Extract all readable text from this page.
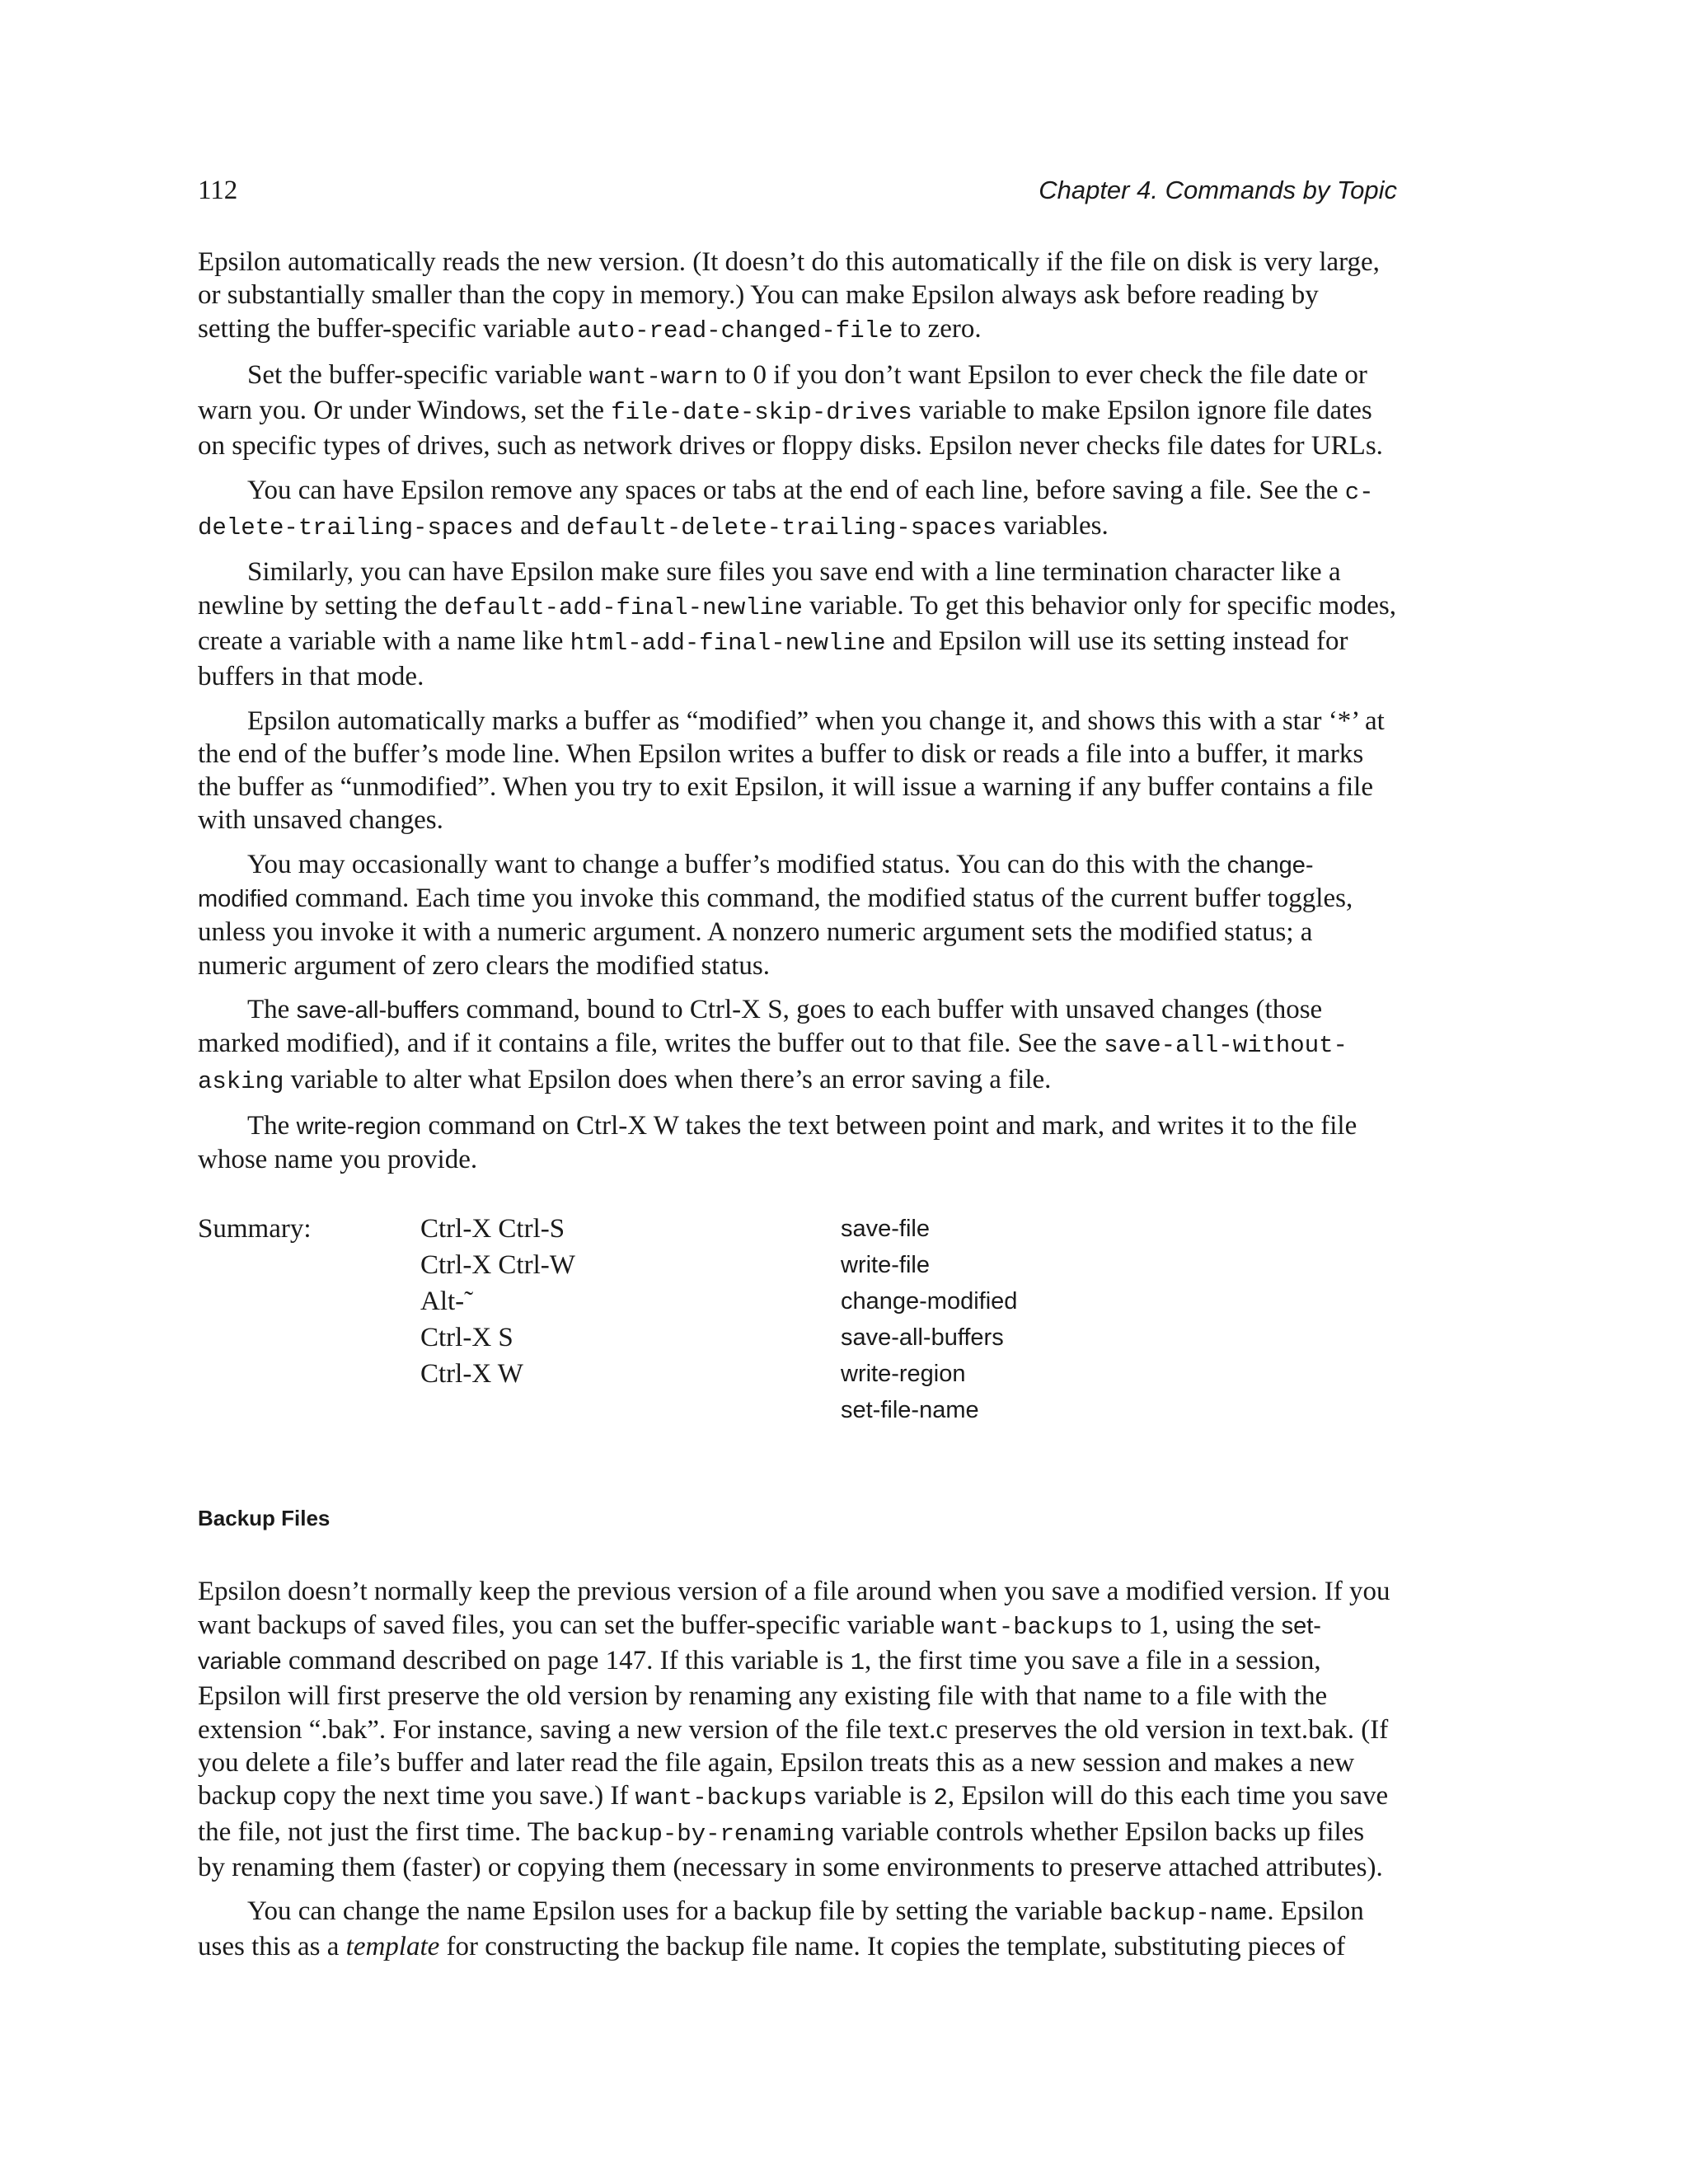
112	Chapter 4. Commands by Topic

Epsilon automatically reads the new version. (It doesn’t do this automatically if the file on disk is very large, or substantially smaller than the copy in memory.) You can make Epsilon always ask before reading by setting the buffer-specific variable auto-read-changed-file to zero.

Set the buffer-specific variable want-warn to 0 if you don’t want Epsilon to ever check the file date or warn you. Or under Windows, set the file-date-skip-drives variable to make Epsilon ignore file dates on specific types of drives, such as network drives or floppy disks. Epsilon never checks file dates for URLs.

You can have Epsilon remove any spaces or tabs at the end of each line, before saving a file. See the c-delete-trailing-spaces and default-delete-trailing-spaces variables.

Similarly, you can have Epsilon make sure files you save end with a line termination character like a newline by setting the default-add-final-newline variable. To get this behavior only for specific modes, create a variable with a name like html-add-final-newline and Epsilon will use its setting instead for buffers in that mode.

Epsilon automatically marks a buffer as “modified” when you change it, and shows this with a star ‘*’ at the end of the buffer’s mode line. When Epsilon writes a buffer to disk or reads a file into a buffer, it marks the buffer as “unmodified”. When you try to exit Epsilon, it will issue a warning if any buffer contains a file with unsaved changes.

You may occasionally want to change a buffer’s modified status. You can do this with the change-modified command. Each time you invoke this command, the modified status of the current buffer toggles, unless you invoke it with a numeric argument. A nonzero numeric argument sets the modified status; a numeric argument of zero clears the modified status.

The save-all-buffers command, bound to Ctrl-X S, goes to each buffer with unsaved changes (those marked modified), and if it contains a file, writes the buffer out to that file. See the save-all-without-asking variable to alter what Epsilon does when there’s an error saving a file.

The write-region command on Ctrl-X W takes the text between point and mark, and writes it to the file whose name you provide.

Summary:	Ctrl-X Ctrl-S
Ctrl-X Ctrl-W
Alt-˜
Ctrl-X S
Ctrl-X W
save-file
write-file
change-modified
save-all-buffers
write-region
set-file-name
Backup Files

Epsilon doesn’t normally keep the previous version of a file around when you save a modified version. If you want backups of saved files, you can set the buffer-specific variable want-backups to 1, using the set-variable command described on page 147. If this variable is 1, the first time you save a file in a session, Epsilon will first preserve the old version by renaming any existing file with that name to a file with the extension “.bak”. For instance, saving a new version of the file text.c preserves the old version in text.bak. (If you delete a file’s buffer and later read the file again, Epsilon treats this as a new session and makes a new backup copy the next time you save.) If want-backups variable is 2, Epsilon will do this each time you save the file, not just the first time. The backup-by-renaming variable controls whether Epsilon backs up files by renaming them (faster) or copying them (necessary in some environments to preserve attached attributes).

You can change the name Epsilon uses for a backup file by setting the variable backup-name. Epsilon uses this as a template for constructing the backup file name. It copies the template, substituting pieces of
